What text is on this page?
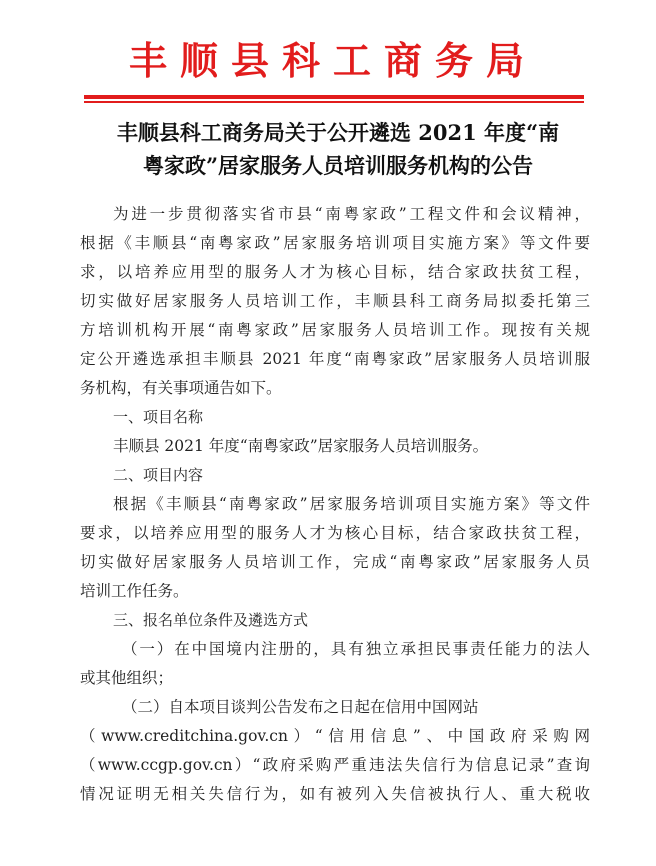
丰顺县科工商务局
丰顺县科工商务局关于公开遴选 2021 年度“南
粤家政”居家服务人员培训服务机构的公告
为进一步贯彻落实省市县“南粤家政”工程文件和会议精神，
根据《丰顺县“南粤家政”居家服务培训项目实施方案》等文件要
求，以培养应用型的服务人才为核心目标，结合家政扶贫工程，
切实做好居家服务人员培训工作，丰顺县科工商务局拟委托第三
方培训机构开展“南粤家政”居家服务人员培训工作。现按有关规
定公开遴选承担丰顺县 2021 年度“南粤家政”居家服务人员培训服
务机构，有关事项通告如下。
一、项目名称
丰顺县 2021 年度“南粤家政”居家服务人员培训服务。
二、项目内容
根据《丰顺县“南粤家政”居家服务培训项目实施方案》等文件
要求，以培养应用型的服务人才为核心目标，结合家政扶贫工程，
切实做好居家服务人员培训工作，完成“南粤家政”居家服务人员
培训工作任务。
三、报名单位条件及遴选方式
（一）在中国境内注册的，具有独立承担民事责任能力的法人
或其他组织；
（二）自本项目谈判公告发布之日起在信用中国网站
（www.creditchina.gov.cn）“信用信息”、中国政府采购网
（www.ccgp.gov.cn）“政府采购严重违法失信行为信息记录”查询
情况证明无相关失信行为，如有被列入失信被执行人、重大税收
